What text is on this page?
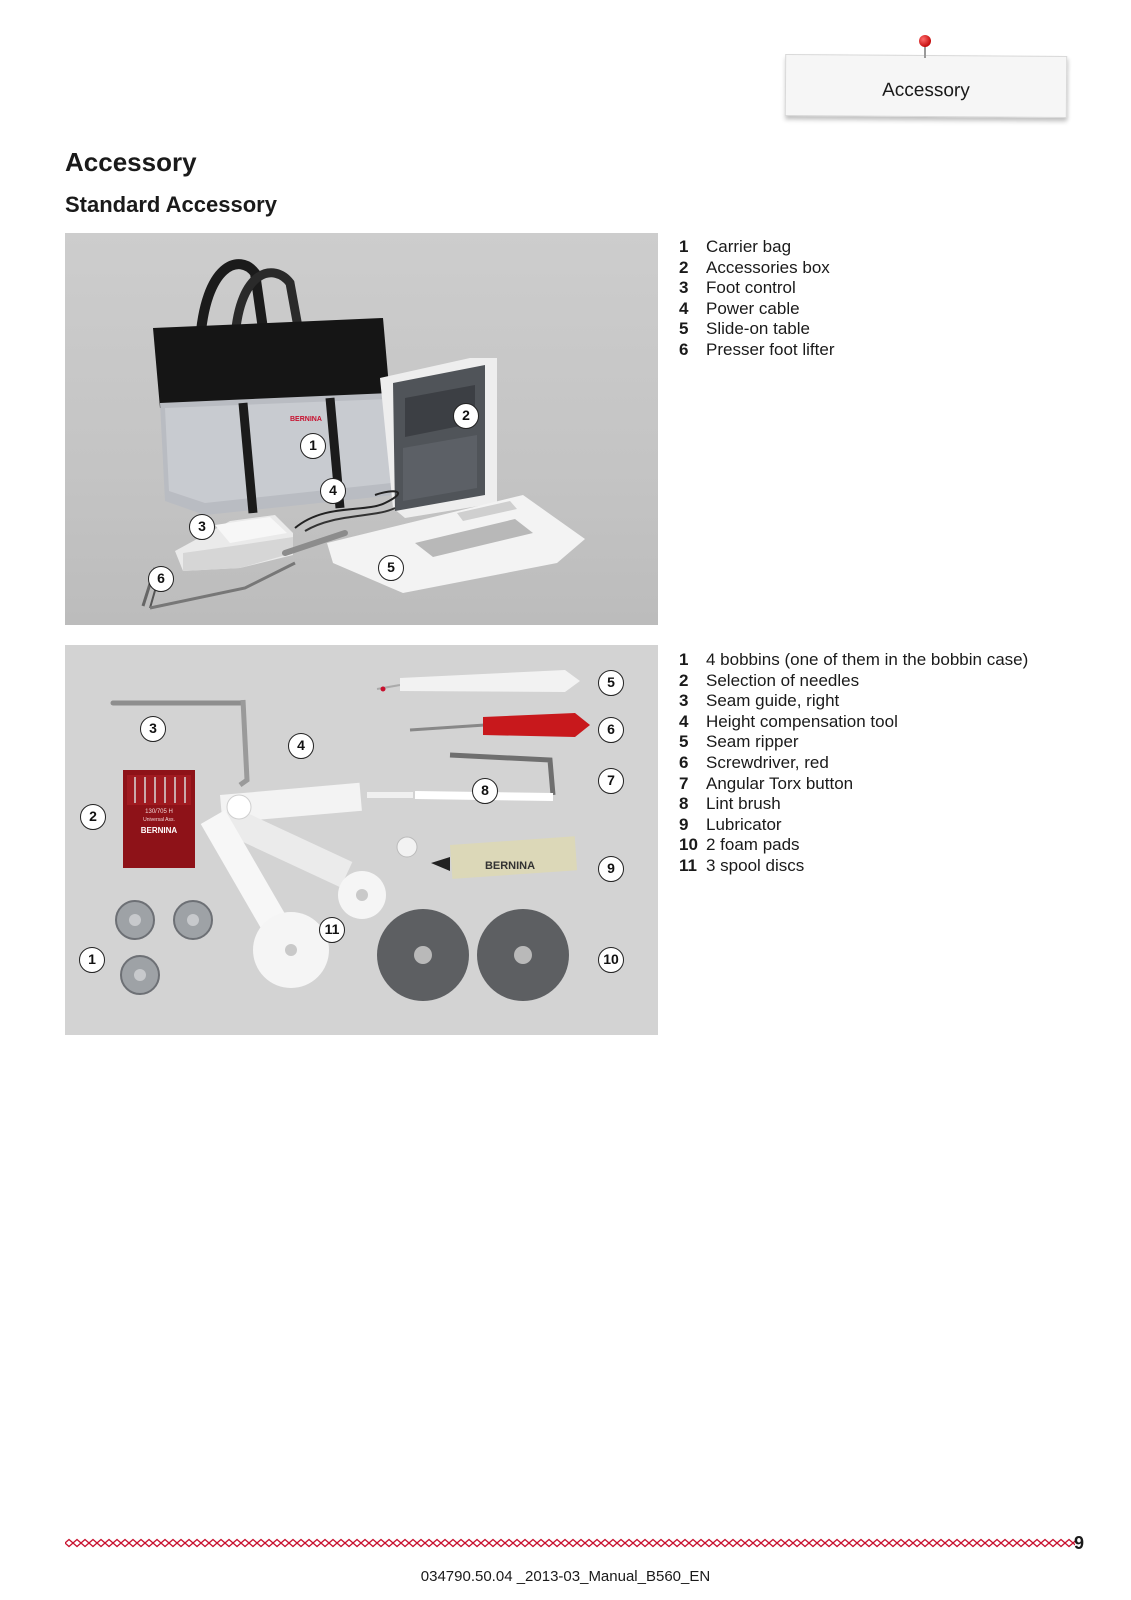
Accessory
Accessory
Standard Accessory
BERNINA
1
2
3
4
5
6
1	Carrier bag
2	Accessories box
3	Foot control
4	Power cable
5	Slide-on table
6	Presser foot lifter
130/705 H
Universal Ass.
BERNINA
BERNINA
1
2
3
4
5
6
7
8
9
10
11
1	4 bobbins (one of them in the bobbin case)
2	Selection of needles
3	Seam guide, right
4	Height compensation tool
5	Seam ripper
6	Screwdriver, red
7	Angular Torx button
8	Lint brush
9	Lubricator
10 2 foam pads
11 3 spool discs
9
034790.50.04 _2013-03_Manual_B560_EN
